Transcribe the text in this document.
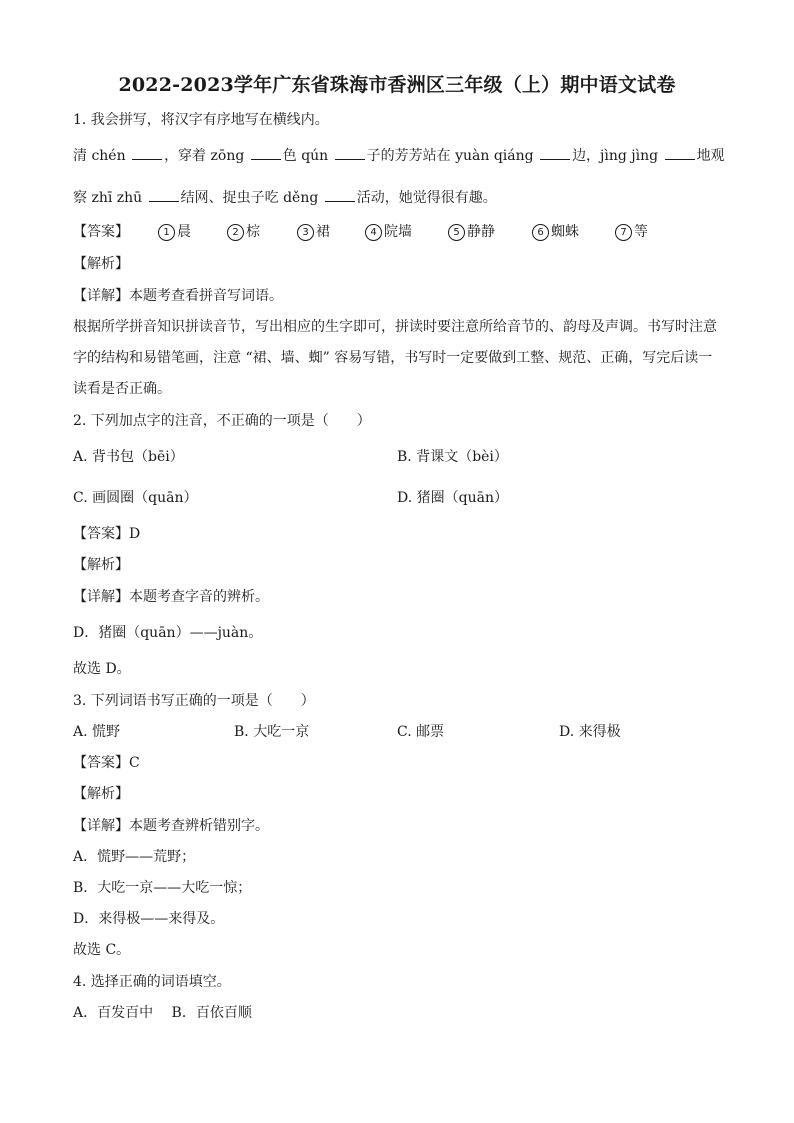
2022-2023学年广东省珠海市香洲区三年级（上）期中语文试卷
1. 我会拼写，将汉字有序地写在横线内。
清 chén ，穿着 zōng 色 qún 子的芳芳站在 yuàn qiáng 边，jìng jìng 地观
察 zhī zhū 结网、捉虫子吃 děng 活动，她觉得很有趣。
【答案】	1 晨	2 棕	3 裙	4 院墙	5 静静	6 蜘蛛	7 等
【解析】
【详解】本题考查看拼音写词语。
根据所学拼音知识拼读音节，写出相应的生字即可，拼读时要注意所给音节的、韵母及声调。书写时注意
字的结构和易错笔画，注意 “裙、墙、蜘” 容易写错，书写时一定要做到工整、规范、正确，写完后读一
读看是否正确。
2. 下列加点字的注音，不正确的一项是（　　）
A. 背书包（bēi）	B. 背课文（bèi）
C. 画圆圈（quān）	D. 猪圈（quān）
【答案】D
【解析】
【详解】本题考查字音的辨析。
D．猪圈（quān）——juàn。
故选 D。
3. 下列词语书写正确的一项是（　　）
A. 慌野	B. 大吃一京	C. 邮票	D. 来得极
【答案】C
【解析】
【详解】本题考查辨析错别字。
A．慌野——荒野；
B．大吃一京——大吃一惊；
D．来得极——来得及。
故选 C。
4. 选择正确的词语填空。
A．百发百中　 B．百依百顺
